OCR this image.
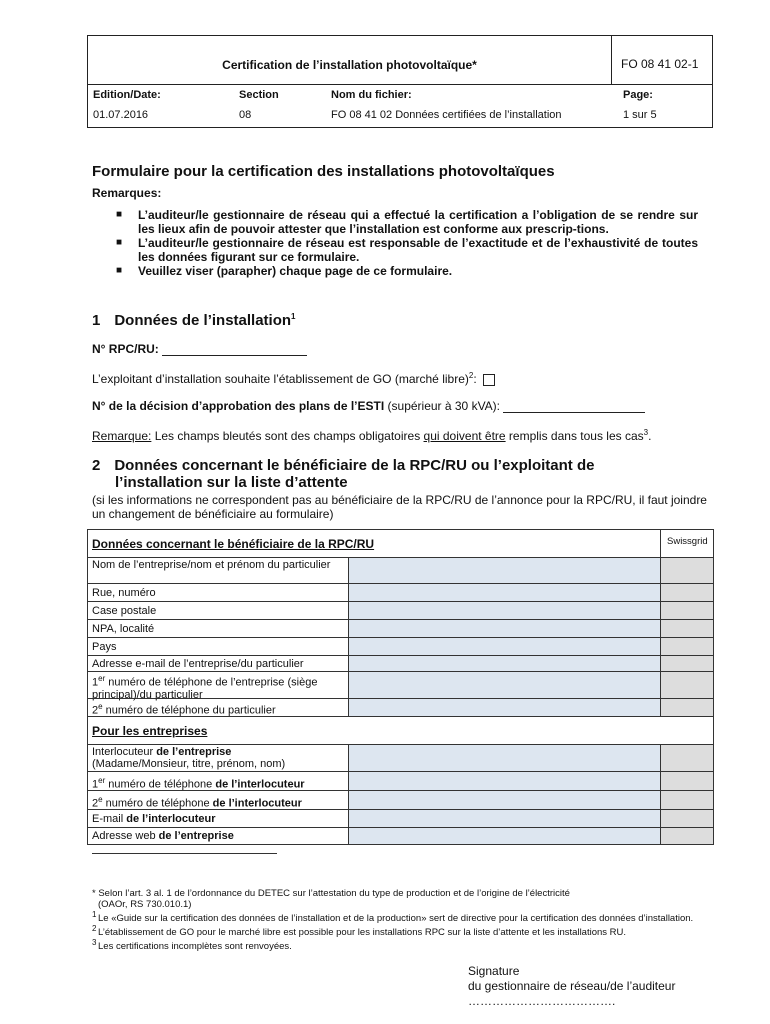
Certification de l’installation photovoltaïque*	FO 08 41 02-1
Edition/Date:	Section	Nom du fichier:	Page:
01.07.2016	08	FO 08 41 02 Données certifiées de l’installation	1 sur 5
Formulaire pour la certification des installations photovoltaïques
Remarques:
■ L’auditeur/le gestionnaire de réseau qui a effectué la certification a l’obligation de se rendre sur les lieux afin de pouvoir attester que l’installation est conforme aux prescrip-tions.
■ L’auditeur/le gestionnaire de réseau est responsable de l’exactitude et de l’exhaustivité de toutes les données figurant sur ce formulaire.
■ Veuillez viser (parapher) chaque page de ce formulaire.
1 Données de l’installation$^1$
N° RPC/RU:
L’exploitant d’installation souhaite l’établissement de GO (marché libre)$^2$:
N° de la décision d’approbation des plans de l’ESTI (supérieur à 30 kVA):
Remarque: Les champs bleutés sont des champs obligatoires qui doivent être remplis dans tous les cas$^3$.
2 Données concernant le bénéficiaire de la RPC/RU ou l’exploitant de
l’installation sur la liste d’attente
(si les informations ne correspondent pas au bénéficiaire de la RPC/RU de l’annonce pour la RPC/RU, il faut joindre un changement de bénéficiaire au formulaire)
Données concernant le bénéficiaire de la RPC/RU	Swissgrid
Nom de l’entreprise/nom et prénom du particulier
Rue, numéro
Case postale
NPA, localité
Pays
Adresse e-mail de l’entreprise/du particulier
1er numéro de téléphone de l’entreprise (siège principal)/du particulier
2e numéro de téléphone du particulier
Pour les entreprises
Interlocuteur de l’entreprise
(Madame/Monsieur, titre, prénom, nom)
1er numéro de téléphone de l’interlocuteur
2e numéro de téléphone de l’interlocuteur
E-mail de l’interlocuteur
Adresse web de l’entreprise
* Selon l’art. 3 al. 1 de l’ordonnance du DETEC sur l’attestation du type de production et de l’origine de l’électricité
(OAOr, RS 730.010.1)
1 Le «Guide sur la certification des données de l’installation et de la production» sert de directive pour la certification des données d’installation.
2 L’établissement de GO pour le marché libre est possible pour les installations RPC sur la liste d’attente et les installations RU.
3 Les certifications incomplètes sont renvoyées.
Signature
du gestionnaire de réseau/de l’auditeur
……………………………….
